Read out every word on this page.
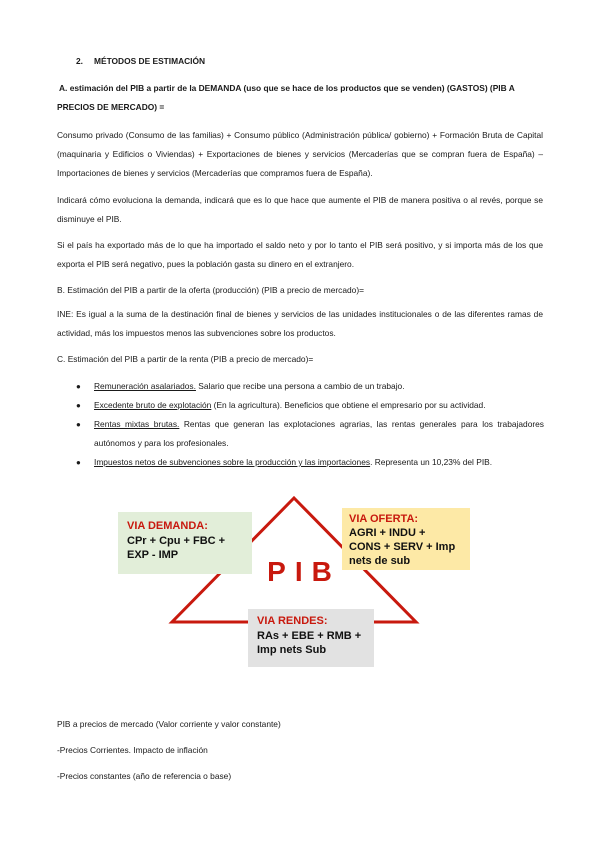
2. MÉTODOS DE ESTIMACIÓN
A. estimación del PIB a partir de la DEMANDA (uso que se hace de los productos que se venden) (GASTOS) (PIB A
PRECIOS DE MERCADO) =
Consumo privado (Consumo de las familias) + Consumo público (Administración pública/ gobierno) + Formación Bruta de Capital (maquinaria y Edificios o Viviendas) + Exportaciones de bienes y servicios (Mercaderías que se compran fuera de España) – Importaciones de bienes y servicios (Mercaderías que compramos fuera de España).
Indicará cómo evoluciona la demanda, indicará que es lo que hace que aumente el PIB de manera positiva o al revés, porque se disminuye el PIB.
Si el país ha exportado más de lo que ha importado el saldo neto y por lo tanto el PIB será positivo, y si importa más de los que exporta el PIB será negativo, pues la población gasta su dinero en el extranjero.
B. Estimación del PIB a partir de la oferta (producción) (PIB a precio de mercado)=
INE: Es igual a la suma de la destinación final de bienes y servicios de las unidades institucionales o de las diferentes ramas de actividad, más los impuestos menos las subvenciones sobre los productos.
C. Estimación del PIB a partir de la renta (PIB a precio de mercado)=
● Remuneración asalariados. Salario que recibe una persona a cambio de un trabajo.
● Excedente bruto de explotación (En la agricultura). Beneficios que obtiene el empresario por su actividad.
● Rentas mixtas brutas. Rentas que generan las explotaciones agrarias, las rentas generales para los trabajadores autónomos y para los profesionales.
● Impuestos netos de subvenciones sobre la producción y las importaciones. Representa un 10,23% del PIB.
VIA DEMANDA:
CPr + Cpu + FBC +
EXP - IMP
VIA OFERTA:
AGRI + INDU +
CONS + SERV + Imp
nets de sub
VIA RENDES:
RAs + EBE + RMB +
Imp nets Sub
PIB
PIB a precios de mercado (Valor corriente y valor constante)
-Precios Corrientes. Impacto de inflación
-Precios constantes (año de referencia o base)
